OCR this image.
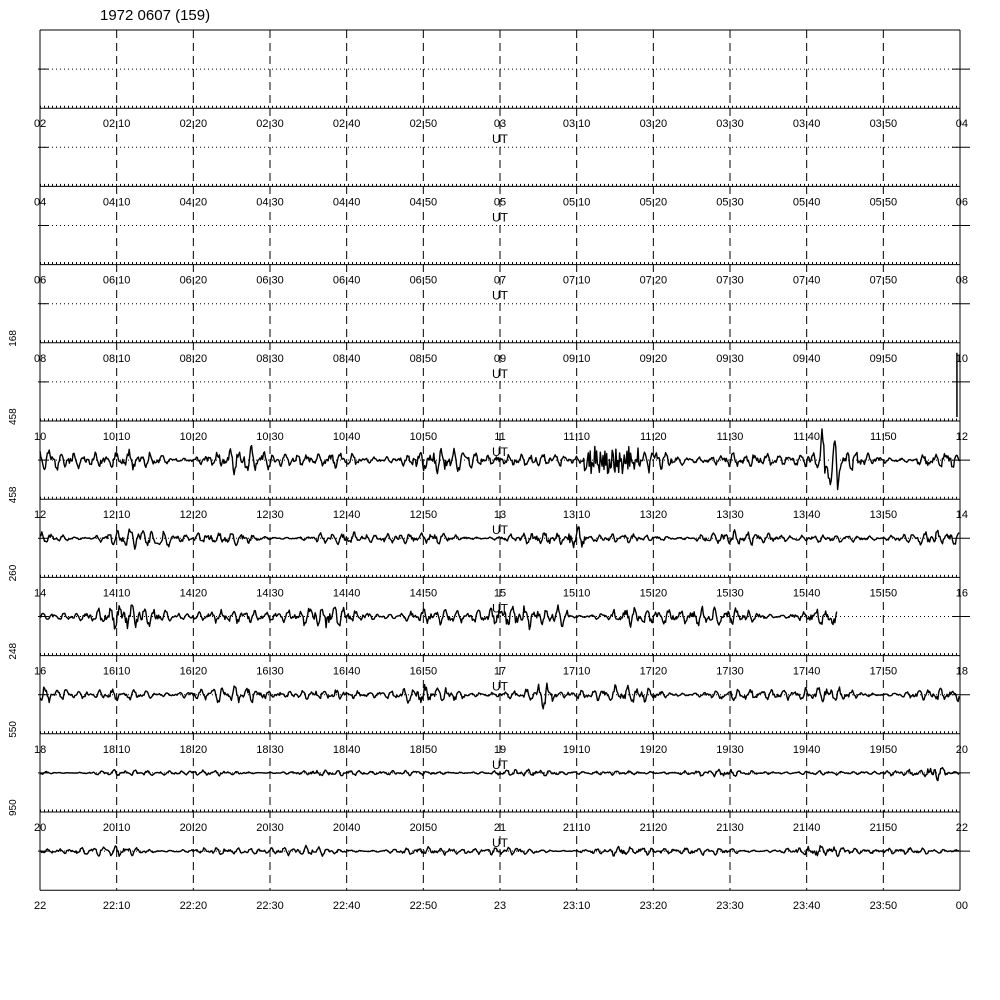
1972 0607 (159)
02	02:10	02:20	02:30	02:40	02:50	03	03:10	03:20	03:30	03:40	03:50	04
UT
04	04:10	04:20	04:30	04:40	04:50	05	05:10	05:20	05:30	05:40	05:50	06
UT
06	06:10	06:20	06:30	06:40	06:50	07	07:10	07:20	07:30	07:40	07:50	08
UT
08	08:10	08:20	08:30	08:40	08:50	09	09:10	09:20	09:30	09:40	09:50	10
UT
10	10:10	10:20	10:30	10:40	10:50	11	11:10	11:20	11:30	11:40	11:50	12
UT
168
12	12:10	12:20	12:30	12:40	12:50	13	13:10	13:20	13:30	13:40	13:50	14
UT
458
14	14:10	14:20	14:30	14:40	14:50	15	15:10	15:20	15:30	15:40	15:50	16
UT
458
16	16:10	16:20	16:30	16:40	16:50	17	17:10	17:20	17:30	17:40	17:50	18
UT
260
18	18:10	18:20	18:30	18:40	18:50	19	19:10	19:20	19:30	19:40	19:50	20
UT
248
20	20:10	20:20	20:30	20:40	20:50	21	21:10	21:20	21:30	21:40	21:50	22
UT
550
22	22:10	22:20	22:30	22:40	22:50	23	23:10	23:20	23:30	23:40	23:50	00
950
